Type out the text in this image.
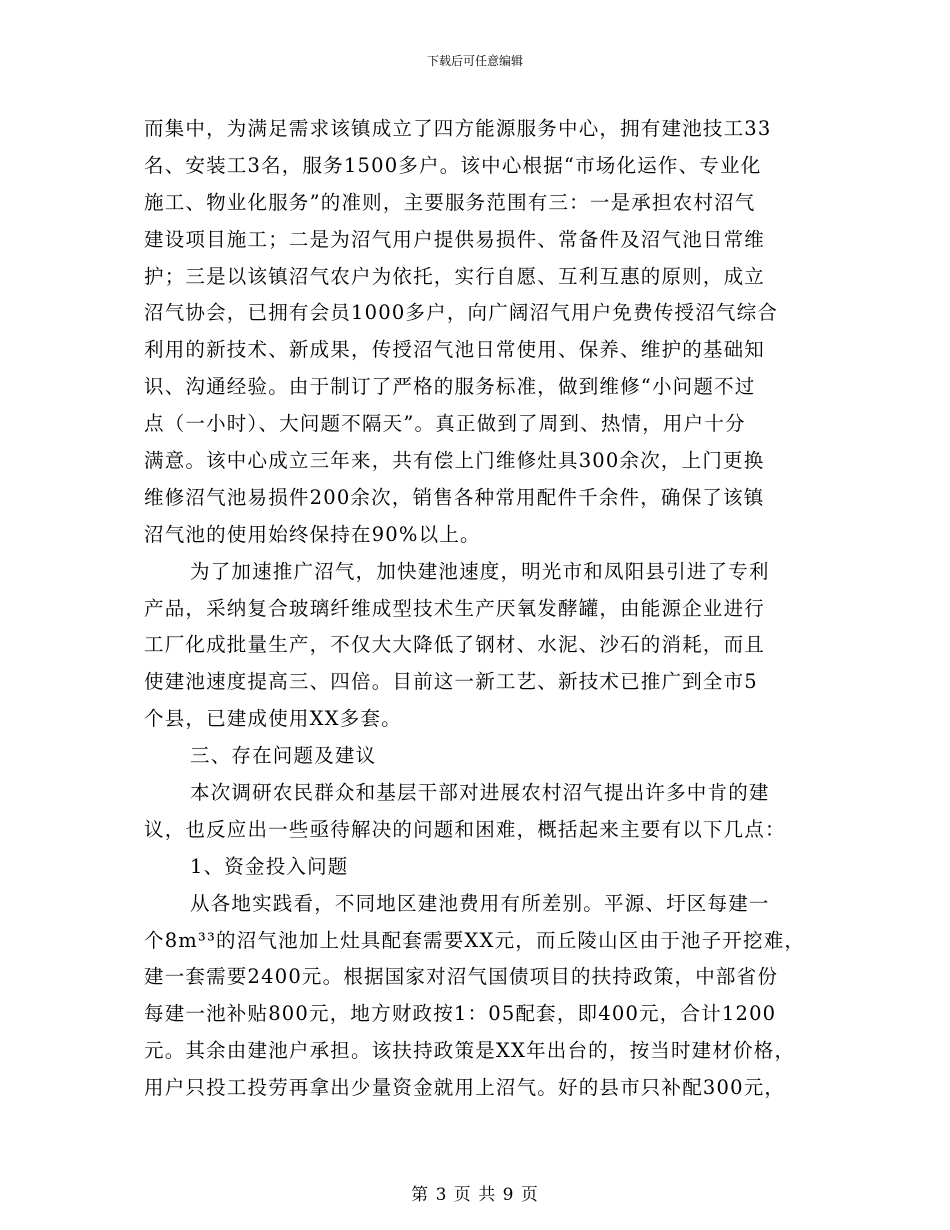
下载后可任意编辑
而集中，为满足需求该镇成立了四方能源服务中心，拥有建池技工33
名、安装工3名，服务1500多户。该中心根据“市场化运作、专业化
施工、物业化服务”的准则，主要服务范围有三：一是承担农村沼气
建设项目施工；二是为沼气用户提供易损件、常备件及沼气池日常维
护；三是以该镇沼气农户为依托，实行自愿、互利互惠的原则，成立
沼气协会，已拥有会员1000多户，向广阔沼气用户免费传授沼气综合
利用的新技术、新成果，传授沼气池日常使用、保养、维护的基础知
识、沟通经验。由于制订了严格的服务标准，做到维修“小问题不过
点（一小时）、大问题不隔天”。真正做到了周到、热情，用户十分
满意。该中心成立三年来，共有偿上门维修灶具300余次，上门更换
维修沼气池易损件200余次，销售各种常用配件千余件，确保了该镇
沼气池的使用始终保持在90%以上。
为了加速推广沼气，加快建池速度，明光市和凤阳县引进了专利
产品，采纳复合玻璃纤维成型技术生产厌氧发酵罐，由能源企业进行
工厂化成批量生产，不仅大大降低了钢材、水泥、沙石的消耗，而且
使建池速度提高三、四倍。目前这一新工艺、新技术已推广到全市5
个县，已建成使用XX多套。
三、存在问题及建议
本次调研农民群众和基层干部对进展农村沼气提出许多中肯的建
议，也反应出一些亟待解决的问题和困难，概括起来主要有以下几点：
1、资金投入问题
从各地实践看，不同地区建池费用有所差别。平源、圩区每建一
个8m³³的沼气池加上灶具配套需要XX元，而丘陵山区由于池子开挖难，
建一套需要2400元。根据国家对沼气国债项目的扶持政策，中部省份
每建一池补贴800元，地方财政按1：05配套，即400元，合计1200
元。其余由建池户承担。该扶持政策是XX年出台的，按当时建材价格，
用户只投工投劳再拿出少量资金就用上沼气。好的县市只补配300元，
第 3 页 共 9 页
